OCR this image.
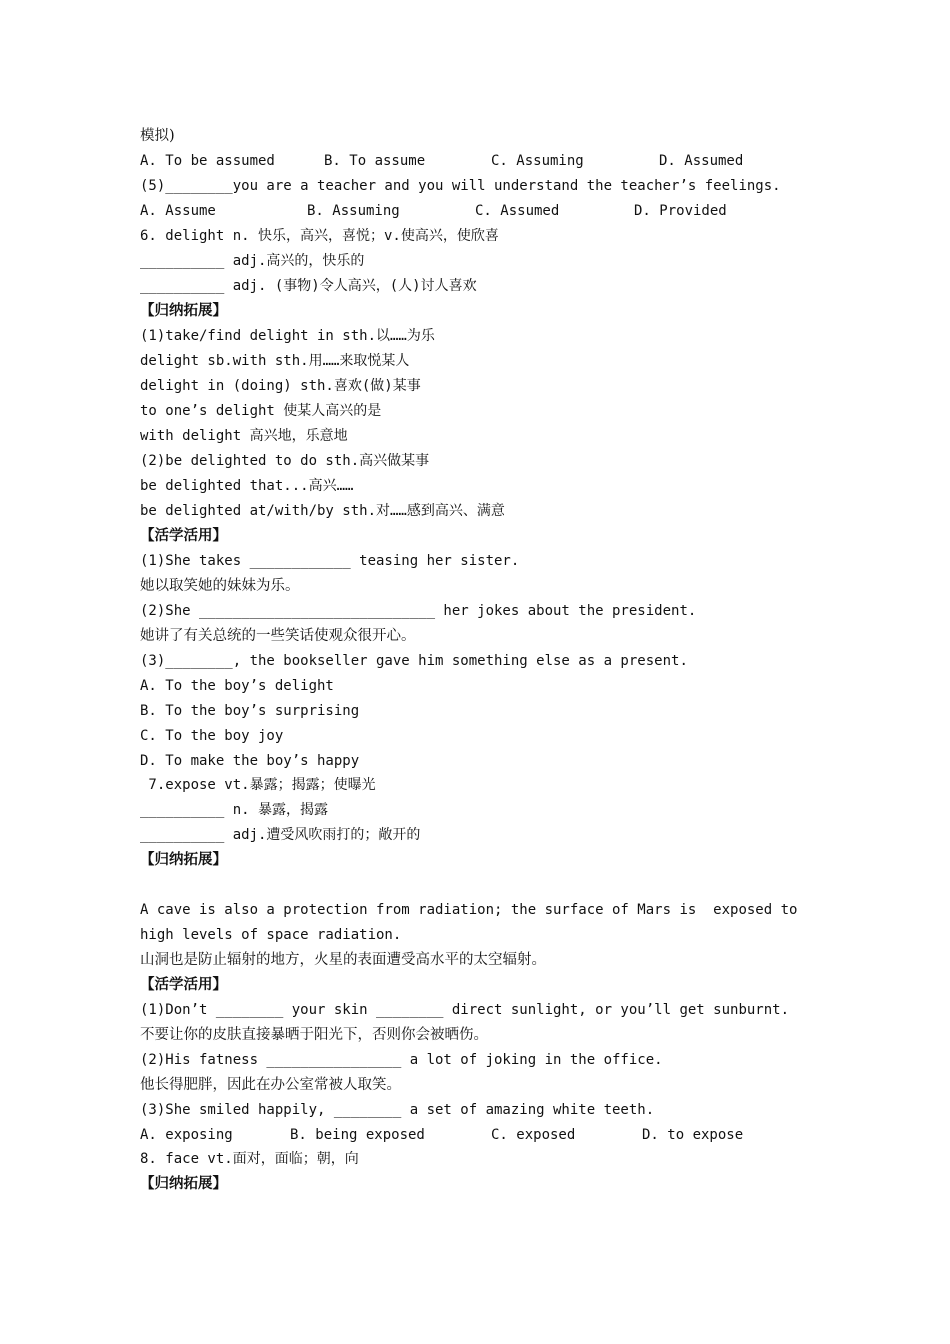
模拟)
A. To be assumed	B. To assume	C. Assuming	D. Assumed
(5)________you are a teacher and you will understand the teacher’s feelings.
A. Assume	B. Assuming	C. Assumed	D. Provided
6. delight n. 快乐，高兴，喜悦；v.使高兴，使欣喜
__________ adj.高兴的，快乐的
__________ adj. (事物)令人高兴，(人)讨人喜欢
【归纳拓展】
(1)take/find delight in sth.以……为乐
delight sb.with sth.用……来取悦某人
delight in (doing) sth.喜欢(做)某事
to one’s delight 使某人高兴的是
with delight 高兴地，乐意地
(2)be delighted to do sth.高兴做某事
be delighted that...高兴……
be delighted at/with/by sth.对……感到高兴、满意
【活学活用】
(1)She takes ____________ teasing her sister.
她以取笑她的妹妹为乐。
(2)She ____________________________ her jokes about the president.
她讲了有关总统的一些笑话使观众很开心。
(3)________, the bookseller gave him something else as a present.
A. To the boy’s delight
B. To the boy’s surprising
C. To the boy joy
D. To make the boy’s happy
7.expose vt.暴露；揭露；使曝光
__________ n. 暴露，揭露
__________ adj.遭受风吹雨打的；敞开的
【归纳拓展】
A cave is also a protection from radiation; the surface of Mars is  exposed to
high levels of space radiation.
山洞也是防止辐射的地方，火星的表面遭受高水平的太空辐射。
【活学活用】
(1)Don’t ________ your skin ________ direct sunlight, or you’ll get sunburnt.
不要让你的皮肤直接暴晒于阳光下，否则你会被晒伤。
(2)His fatness ________________ a lot of joking in the office.
他长得肥胖，因此在办公室常被人取笑。
(3)She smiled happily, ________ a set of amazing white teeth.
A. exposing	B. being exposed	C. exposed	D. to expose
8. face vt.面对，面临；朝，向
【归纳拓展】
